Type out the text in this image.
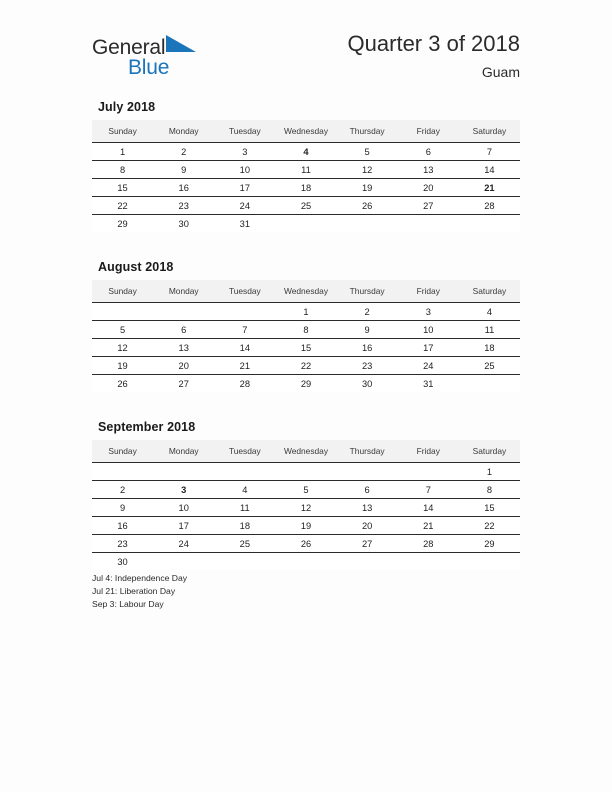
General
Blue
Quarter 3 of 2018
Guam
July 2018
Sunday	Monday	Tuesday	Wednesday	Thursday	Friday	Saturday
1	2	3	4	5	6	7
8	9	10	11	12	13	14
15	16	17	18	19	20	21
22	23	24	25	26	27	28
29	30	31				
August 2018
Sunday	Monday	Tuesday	Wednesday	Thursday	Friday	Saturday
			1	2	3	4
5	6	7	8	9	10	11
12	13	14	15	16	17	18
19	20	21	22	23	24	25
26	27	28	29	30	31	
September 2018
Sunday	Monday	Tuesday	Wednesday	Thursday	Friday	Saturday
						1
2	3	4	5	6	7	8
9	10	11	12	13	14	15
16	17	18	19	20	21	22
23	24	25	26	27	28	29
30						
Jul 4: Independence Day
Jul 21: Liberation Day
Sep 3: Labour Day
